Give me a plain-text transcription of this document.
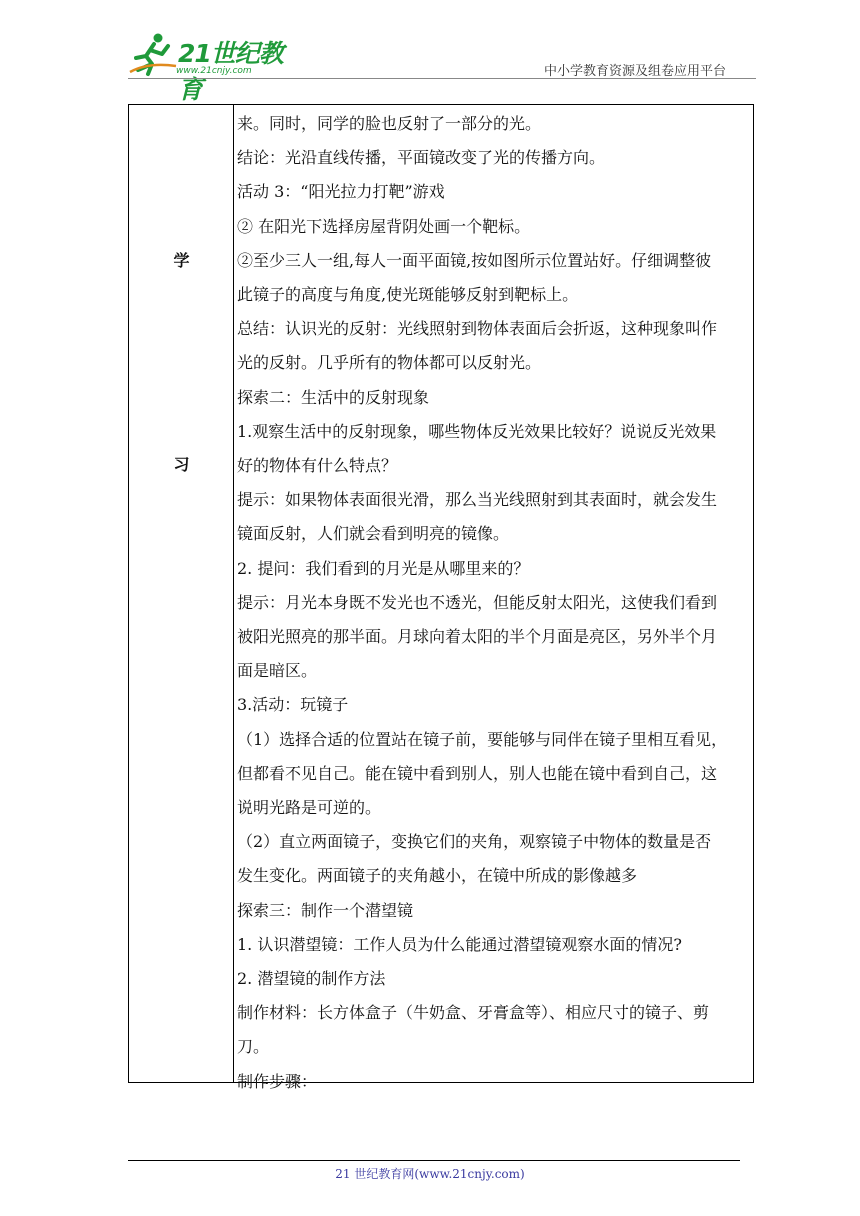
21世纪教育
www.21cnjy.com	中小学教育资源及组卷应用平台
学
习

来。同时，同学的脸也反射了一部分的光。

结论：光沿直线传播，平面镜改变了光的传播方向。

活动 3：“阳光拉力打靶”游戏

② 在阳光下选择房屋背阴处画一个靶标。

②至少三人一组,每人一面平面镜,按如图所示位置站好。仔细调整彼

此镜子的高度与角度,使光斑能够反射到靶标上。

总结：认识光的反射：光线照射到物体表面后会折返，这种现象叫作

光的反射。几乎所有的物体都可以反射光。

探索二：生活中的反射现象

1.观察生活中的反射现象，哪些物体反光效果比较好？说说反光效果

好的物体有什么特点？

提示：如果物体表面很光滑，那么当光线照射到其表面时，就会发生

镜面反射，人们就会看到明亮的镜像。

2. 提问：我们看到的月光是从哪里来的？

提示：月光本身既不发光也不透光，但能反射太阳光，这使我们看到

被阳光照亮的那半面。月球向着太阳的半个月面是亮区，另外半个月

面是暗区。

3.活动：玩镜子

（1）选择合适的位置站在镜子前，要能够与同伴在镜子里相互看见，

但都看不见自己。能在镜中看到别人，别人也能在镜中看到自己，这

说明光路是可逆的。

（2）直立两面镜子，变换它们的夹角，观察镜子中物体的数量是否

发生变化。两面镜子的夹角越小，在镜中所成的影像越多

探索三：制作一个潜望镜

1. 认识潜望镜：工作人员为什么能通过潜望镜观察水面的情况?

2. 潜望镜的制作方法

制作材料：长方体盒子（牛奶盒、牙膏盒等）、相应尺寸的镜子、剪

刀。

制作步骤：

21 世纪教育网(www.21cnjy.com)
